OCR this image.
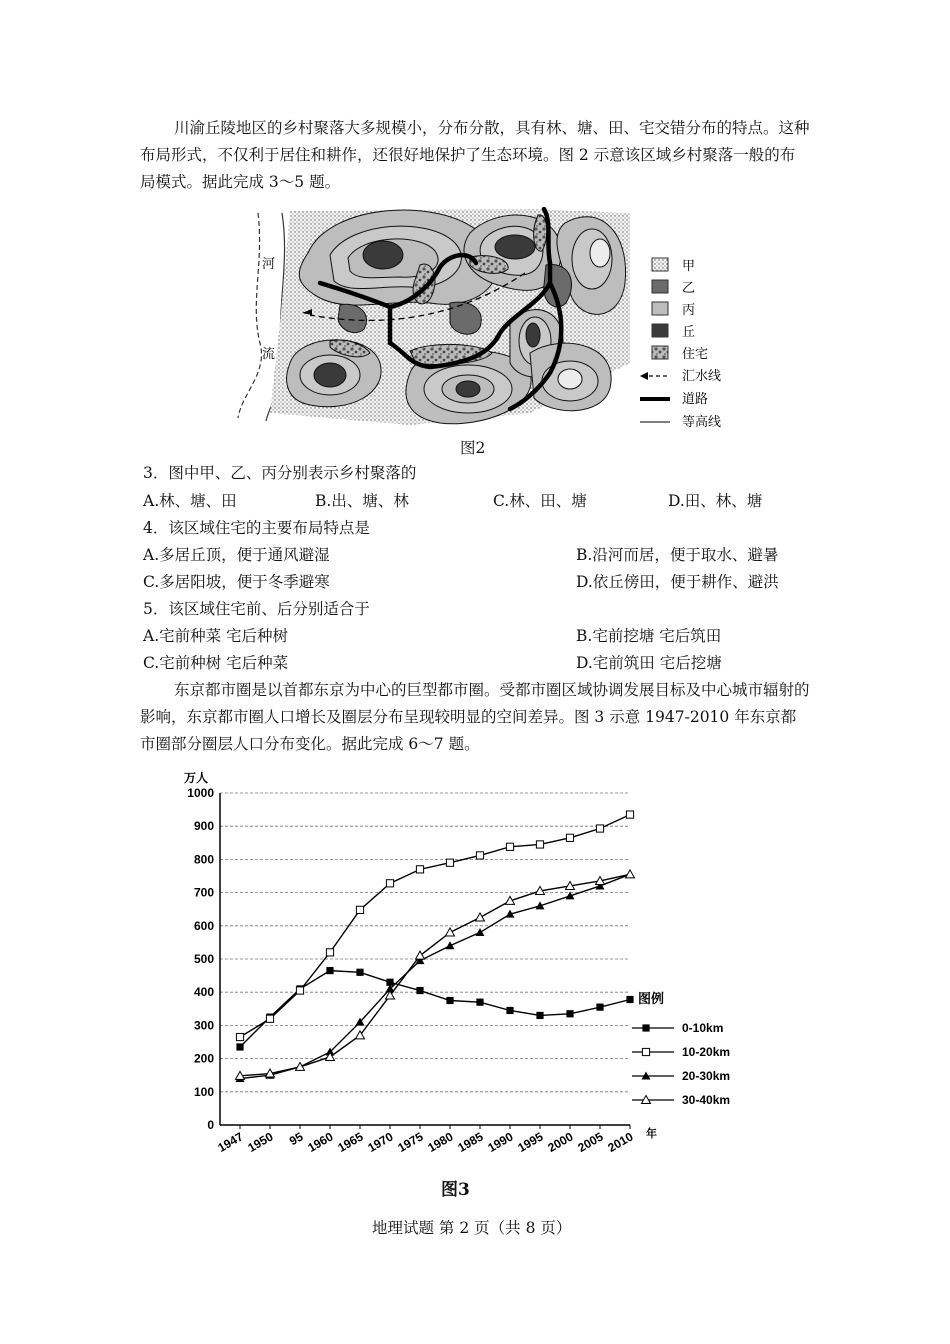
川渝丘陵地区的乡村聚落大多规模小，分布分散，具有林、塘、田、宅交错分布的特点。这种布局形式，不仅利于居住和耕作，还很好地保护了生态环境。图 2 示意该区域乡村聚落一般的布局模式。据此完成 3～5 题。

河
流
甲
乙
丙
丘
住宅
汇水线
道路
等高线
图2
3．图中甲、乙、丙分别表示乡村聚落的
A.林、塘、田	B.出、塘、林	C.林、田、塘	D.田、林、塘
4．该区域住宅的主要布局特点是
A.多居丘顶，便于通风避湿	B.沿河而居，便于取水、避暑
C.多居阳坡，便于冬季避寒	D.依丘傍田，便于耕作、避洪
5．该区域住宅前、后分别适合于
A.宅前种菜 宅后种树	B.宅前挖塘 宅后筑田
C.宅前种树 宅后种菜	D.宅前筑田 宅后挖塘

东京都市圈是以首都东京为中心的巨型都市圈。受都市圈区域协调发展目标及中心城市辐射的影响，东京都市圈人口增长及圈层分布呈现较明显的空间差异。图 3 示意 1947-2010 年东京都市圈部分圈层人口分布变化。据此完成 6～7 题。

万人
0
100
200
300
400
500
600
700
800
900
1000
1947 1950 95 1960 1965 1970 1975 1980 1985 1990 1995 2000 2005 2010 年
图例
0-10km
10-20km
20-30km
30-40km
图3
地理试题 第 2 页（共 8 页）
